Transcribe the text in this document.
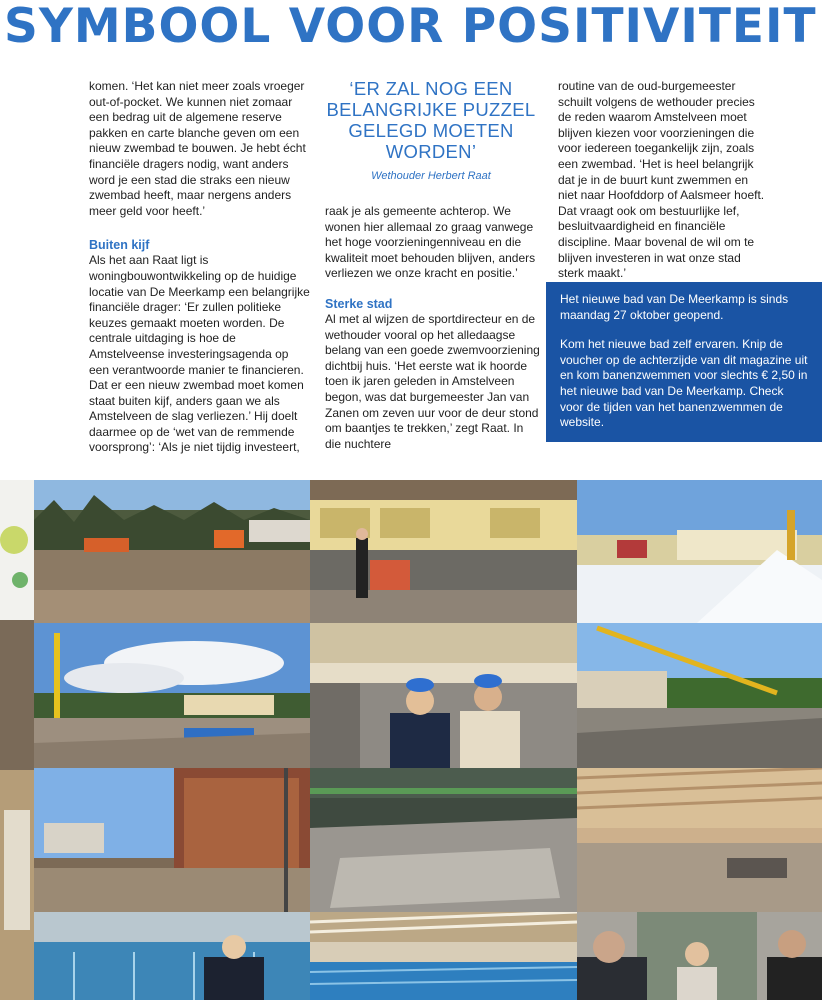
SYMBOOL VOOR POSITIVITEIT

komen. ‘Het kan niet meer zoals vroeger out-of-pocket. We kunnen niet zomaar een bedrag uit de algemene reserve pakken en carte blanche geven om een nieuw zwembad te bouwen. Je hebt écht financiële dragers nodig, want anders word je een stad die straks een nieuw zwembad heeft, maar nergens anders meer geld voor heeft.’

Buiten kijf

Als het aan Raat ligt is woningbouwontwikkeling op de huidige locatie van De Meerkamp een belangrijke financiële drager: ‘Er zullen politieke keuzes gemaakt moeten worden. De centrale uitdaging is hoe de Amstelveense investeringsagenda op een verantwoorde manier te financieren. Dat er een nieuw zwembad moet komen staat buiten kijf, anders gaan we als Amstelveen de slag verliezen.’ Hij doelt daarmee op de ‘wet van de remmende voorsprong’: ‘Als je niet tijdig investeert,

‘ER ZAL NOG EEN BELANGRIJKE PUZZEL GELEGD MOETEN WORDEN’
Wethouder Herbert Raat

raak je als gemeente achterop. We wonen hier allemaal zo graag vanwege het hoge voorzieningenniveau en die kwaliteit moet behouden blijven, anders verliezen we onze kracht en positie.’

Sterke stad

Al met al wijzen de sportdirecteur en de wethouder vooral op het alledaagse belang van een goede zwemvoorziening dichtbij huis. ‘Het eerste wat ik hoorde toen ik jaren geleden in Amstelveen begon, was dat burgemeester Jan van Zanen om zeven uur voor de deur stond om baantjes te trekken,’ zegt Raat. In die nuchtere

routine van de oud-burgemeester schuilt volgens de wethouder precies de reden waarom Amstelveen moet blijven kiezen voor voorzieningen die voor iedereen toegankelijk zijn, zoals een zwembad. ‘Het is heel belangrijk dat je in de buurt kunt zwemmen en niet naar Hoofddorp of Aalsmeer hoeft. Dat vraagt ook om bestuurlijke lef, besluitvaardigheid en financiële discipline. Maar bovenal de wil om te blijven investeren in wat onze stad sterk maakt.’

Het nieuwe bad van De Meerkamp is sinds maandag 27 oktober geopend.

Kom het nieuwe bad zelf ervaren. Knip de voucher op de achterzijde van dit magazine uit en kom banenzwemmen voor slechts € 2,50 in het nieuwe bad van De Meerkamp. Check voor de tijden van het banenzwemmen de website.
